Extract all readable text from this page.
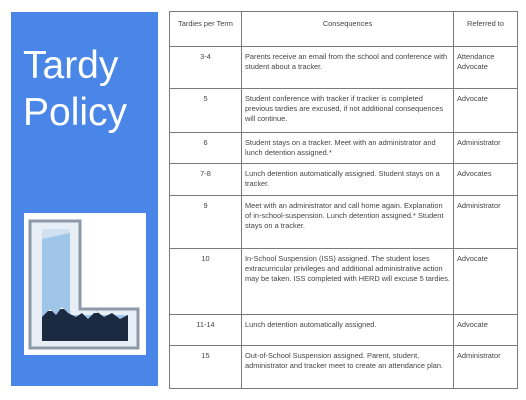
Tardy
Policy
Tardies per Term	Consequences	Referred to
3-4	Parents receive an email from the school and conference with student about a tracker.	Attendance Advocate
5	Student conference with tracker if tracker is completed previous tardies are excused, if not additional consequences will continue.	Advocate
6	Student stays on a tracker. Meet with an administrator and lunch detention assigned.*	Administrator
7-8	Lunch detention automatically assigned. Student stays on a tracker.	Advocates
9	Meet with an administrator and call home again. Explanation of in-school-suspension. Lunch detention assigned.* Student stays on a tracker.	Administrator
10	In-School Suspension (ISS) assigned. The student loses extracurricular privileges and additional administrative action may be taken. ISS completed with HERD will excuse 5 tardies.	Advocate
11-14	Lunch detention automatically assigned.	Advocate
15	Out-of-School Suspension assigned. Parent, student, administrator and tracker meet to create an attendance plan.	Administrator
